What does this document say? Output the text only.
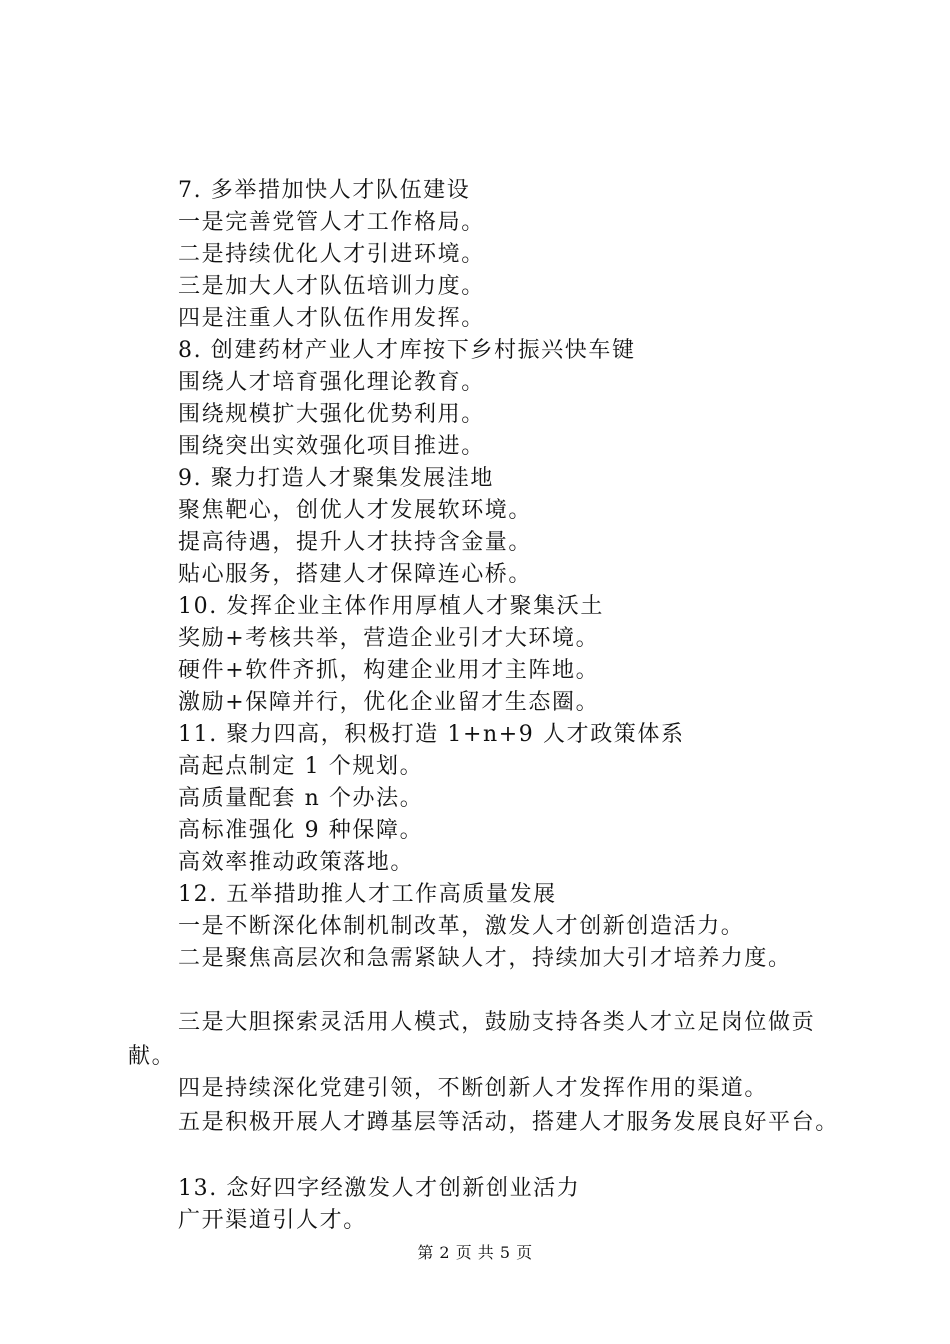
7. 多举措加快人才队伍建设
一是完善党管人才工作格局。
二是持续优化人才引进环境。
三是加大人才队伍培训力度。
四是注重人才队伍作用发挥。
8. 创建药材产业人才库按下乡村振兴快车键
围绕人才培育强化理论教育。
围绕规模扩大强化优势利用。
围绕突出实效强化项目推进。
9. 聚力打造人才聚集发展洼地
聚焦靶心，创优人才发展软环境。
提高待遇，提升人才扶持含金量。
贴心服务，搭建人才保障连心桥。
10. 发挥企业主体作用厚植人才聚集沃土
奖励+考核共举，营造企业引才大环境。
硬件+软件齐抓，构建企业用才主阵地。
激励+保障并行，优化企业留才生态圈。
11. 聚力四高，积极打造 1+n+9 人才政策体系
高起点制定 1 个规划。
高质量配套 n 个办法。
高标准强化 9 种保障。
高效率推动政策落地。
12. 五举措助推人才工作高质量发展
一是不断深化体制机制改革，激发人才创新创造活力。
二是聚焦高层次和急需紧缺人才，持续加大引才培养力度。
三是大胆探索灵活用人模式，鼓励支持各类人才立足岗位做贡献。
四是持续深化党建引领，不断创新人才发挥作用的渠道。
五是积极开展人才蹲基层等活动，搭建人才服务发展良好平台。
13. 念好四字经激发人才创新创业活力
广开渠道引人才。
第 2 页 共 5 页
